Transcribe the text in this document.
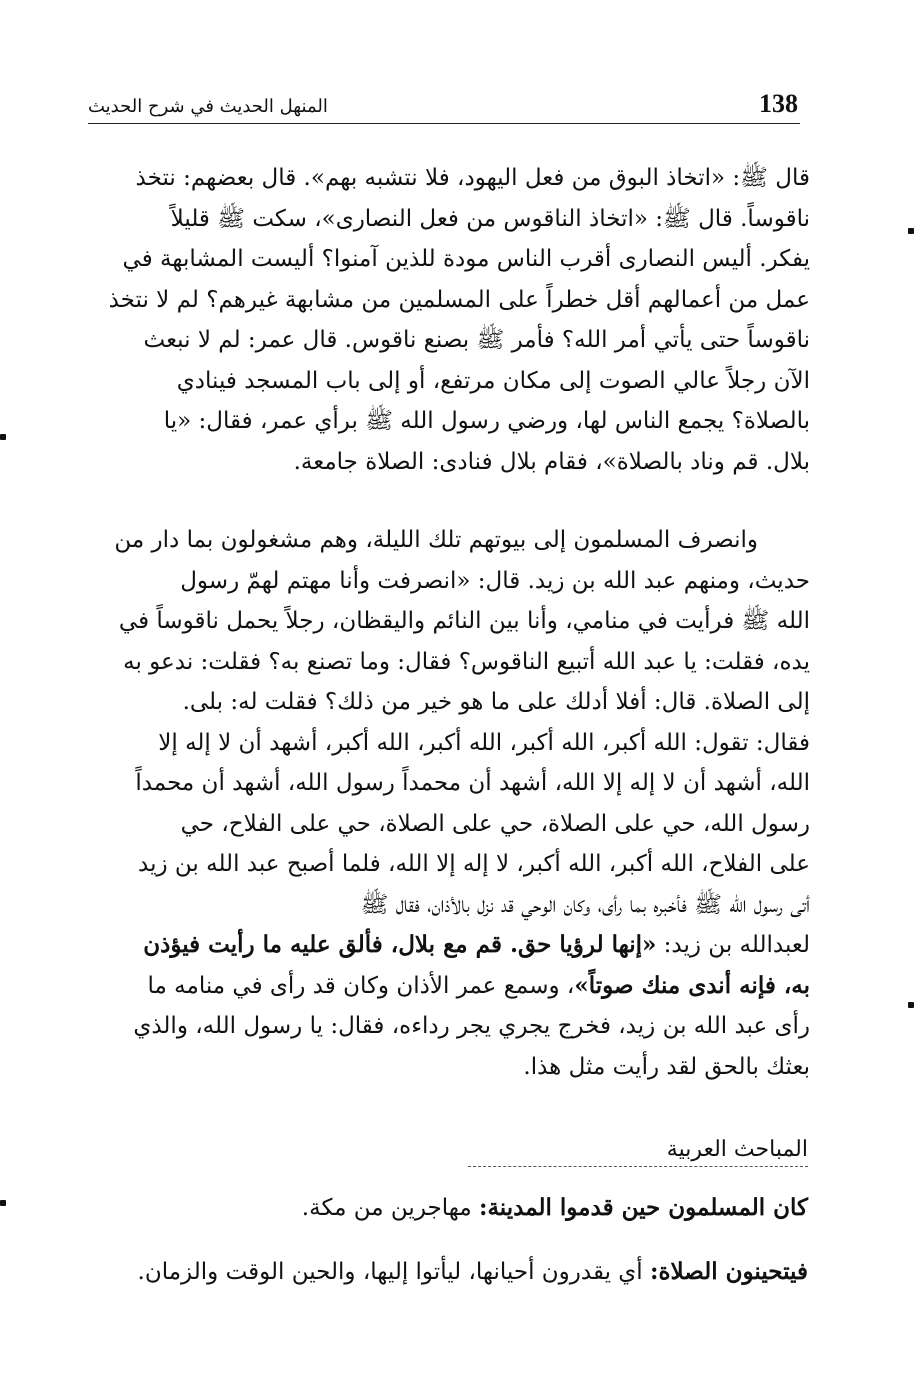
138
المنهل الحديث في شرح الحديث
قال ﷺ: «اتخاذ البوق من فعل اليهود، فلا نتشبه بهم». قال بعضهم: نتخذ
ناقوساً. قال ﷺ: «اتخاذ الناقوس من فعل النصارى»، سكت ﷺ قليلاً
يفكر. أليس النصارى أقرب الناس مودة للذين آمنوا؟ أليست المشابهة في
عمل من أعمالهم أقل خطراً على المسلمين من مشابهة غيرهم؟ لم لا نتخذ
ناقوساً حتى يأتي أمر الله؟ فأمر ﷺ بصنع ناقوس. قال عمر: لم لا نبعث
الآن رجلاً عالي الصوت إلى مكان مرتفع، أو إلى باب المسجد فينادي
بالصلاة؟ يجمع الناس لها، ورضي رسول الله ﷺ برأي عمر، فقال: «يا
بلال. قم وناد بالصلاة»، فقام بلال فنادى: الصلاة جامعة.
وانصرف المسلمون إلى بيوتهم تلك الليلة، وهم مشغولون بما دار من
حديث، ومنهم عبد الله بن زيد. قال: «انصرفت وأنا مهتم لهمّ رسول
الله ﷺ فرأيت في منامي، وأنا بين النائم واليقظان، رجلاً يحمل ناقوساً في
يده، فقلت: يا عبد الله أتبيع الناقوس؟ فقال: وما تصنع به؟ فقلت: ندعو به
إلى الصلاة. قال: أفلا أدلك على ما هو خير من ذلك؟ فقلت له: بلى.
فقال: تقول: الله أكبر، الله أكبر، الله أكبر، الله أكبر، أشهد أن لا إله إلا
الله، أشهد أن لا إله إلا الله، أشهد أن محمداً رسول الله، أشهد أن محمداً
رسول الله، حي على الصلاة، حي على الصلاة، حي على الفلاح، حي
على الفلاح، الله أكبر، الله أكبر، لا إله إلا الله، فلما أصبح عبد الله بن زيد
أتى رسول الله ﷺ فأخبره بما رأى، وكان الوحي قد نزل بالأذان، فقال ﷺ
لعبدالله بن زيد: «إنها لرؤيا حق. قم مع بلال، فألق عليه ما رأيت فيؤذن
به، فإنه أندى منك صوتاً»، وسمع عمر الأذان وكان قد رأى في منامه ما
رأى عبد الله بن زيد، فخرج يجري يجر رداءه، فقال: يا رسول الله، والذي
بعثك بالحق لقد رأيت مثل هذا.
المباحث العربية
كان المسلمون حين قدموا المدينة: مهاجرين من مكة.
فيتحينون الصلاة: أي يقدرون أحيانها، ليأتوا إليها، والحين الوقت والزمان.
